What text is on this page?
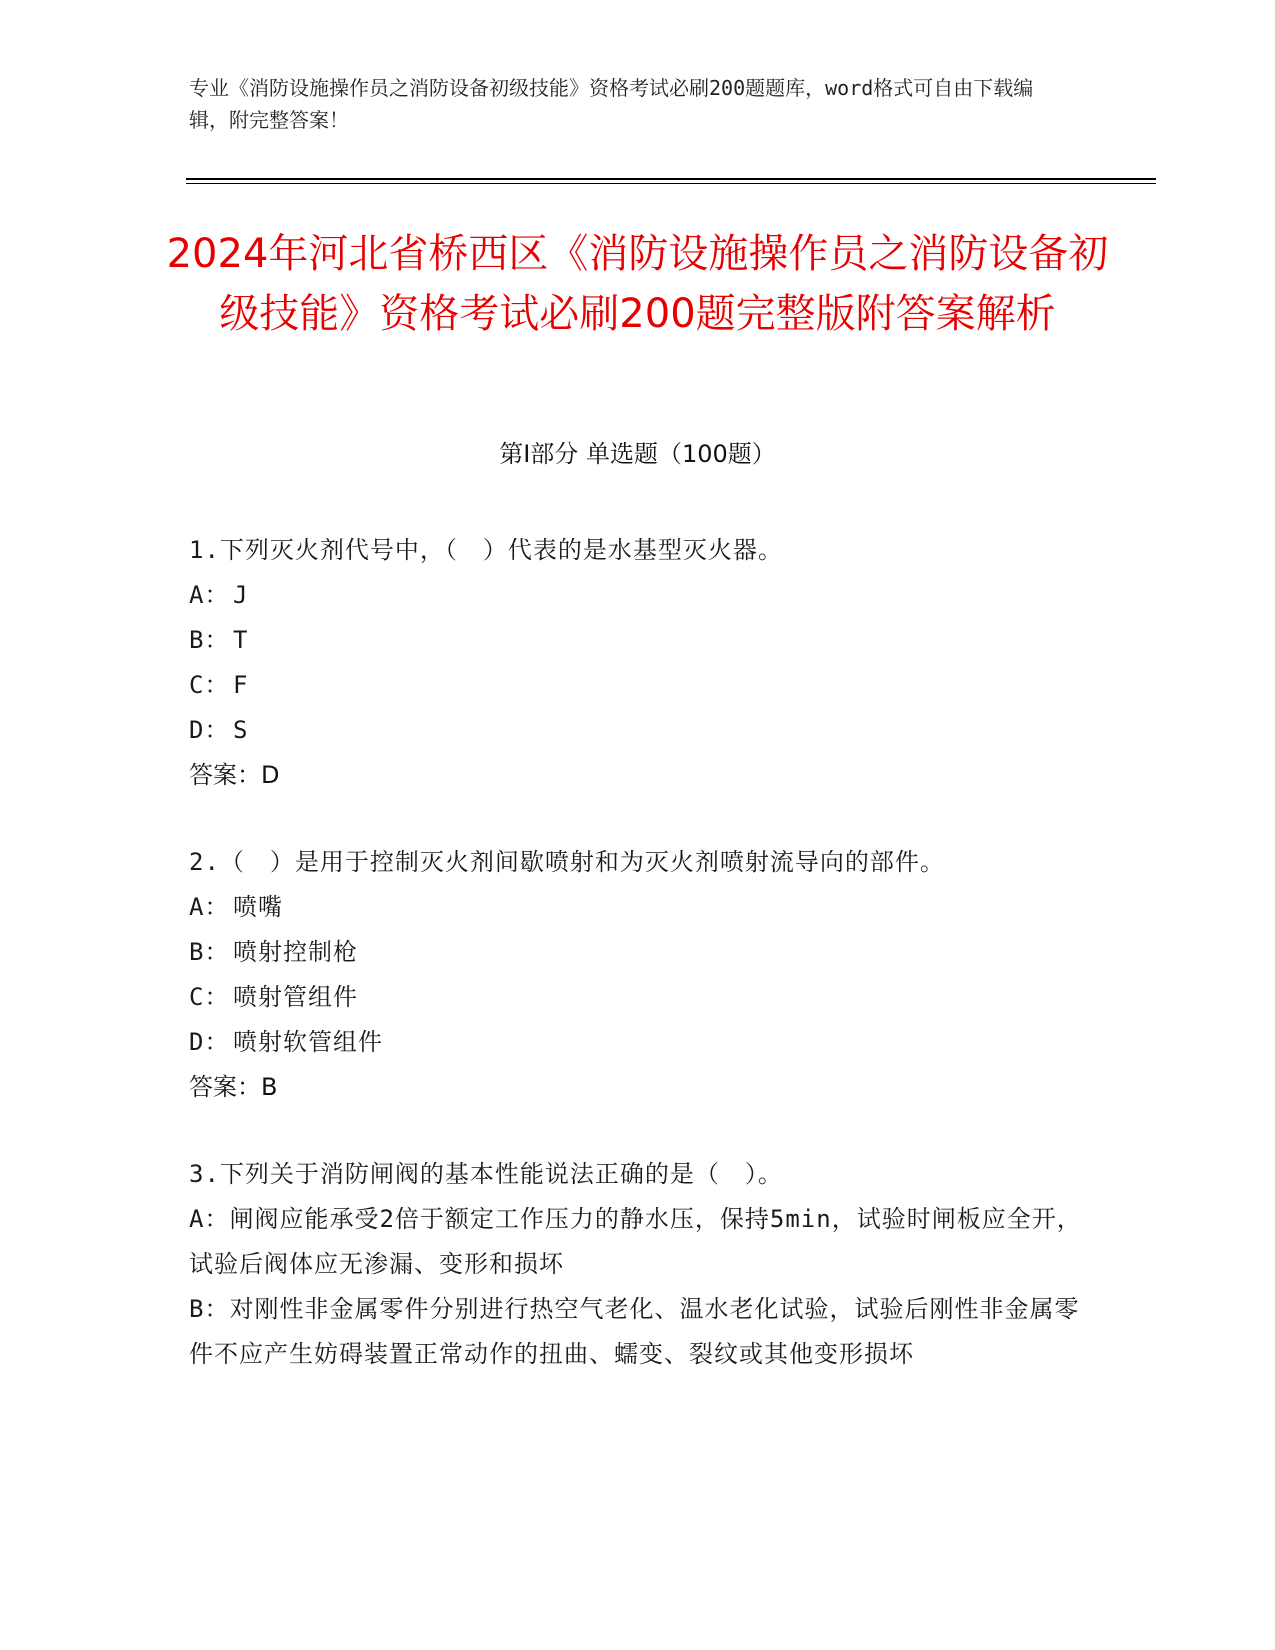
专业《消防设施操作员之消防设备初级技能》资格考试必刷200题题库，word格式可自由下载编辑，附完整答案！
2024年河北省桥西区《消防设施操作员之消防设备初级技能》资格考试必刷200题完整版附答案解析
第I部分 单选题（100题）
1.下列灭火剂代号中，（　）代表的是水基型灭火器。
A： J
B： T
C： F
D： S
答案：D
2.（　）是用于控制灭火剂间歇喷射和为灭火剂喷射流导向的部件。
A： 喷嘴
B： 喷射控制枪
C： 喷射管组件
D： 喷射软管组件
答案：B
3.下列关于消防闸阀的基本性能说法正确的是（　）。
A：闸阀应能承受2倍于额定工作压力的静水压，保持5min，试验时闸板应全开，试验后阀体应无渗漏、变形和损坏
B：对刚性非金属零件分别进行热空气老化、温水老化试验，试验后刚性非金属零件不应产生妨碍装置正常动作的扭曲、蠕变、裂纹或其他变形损坏
